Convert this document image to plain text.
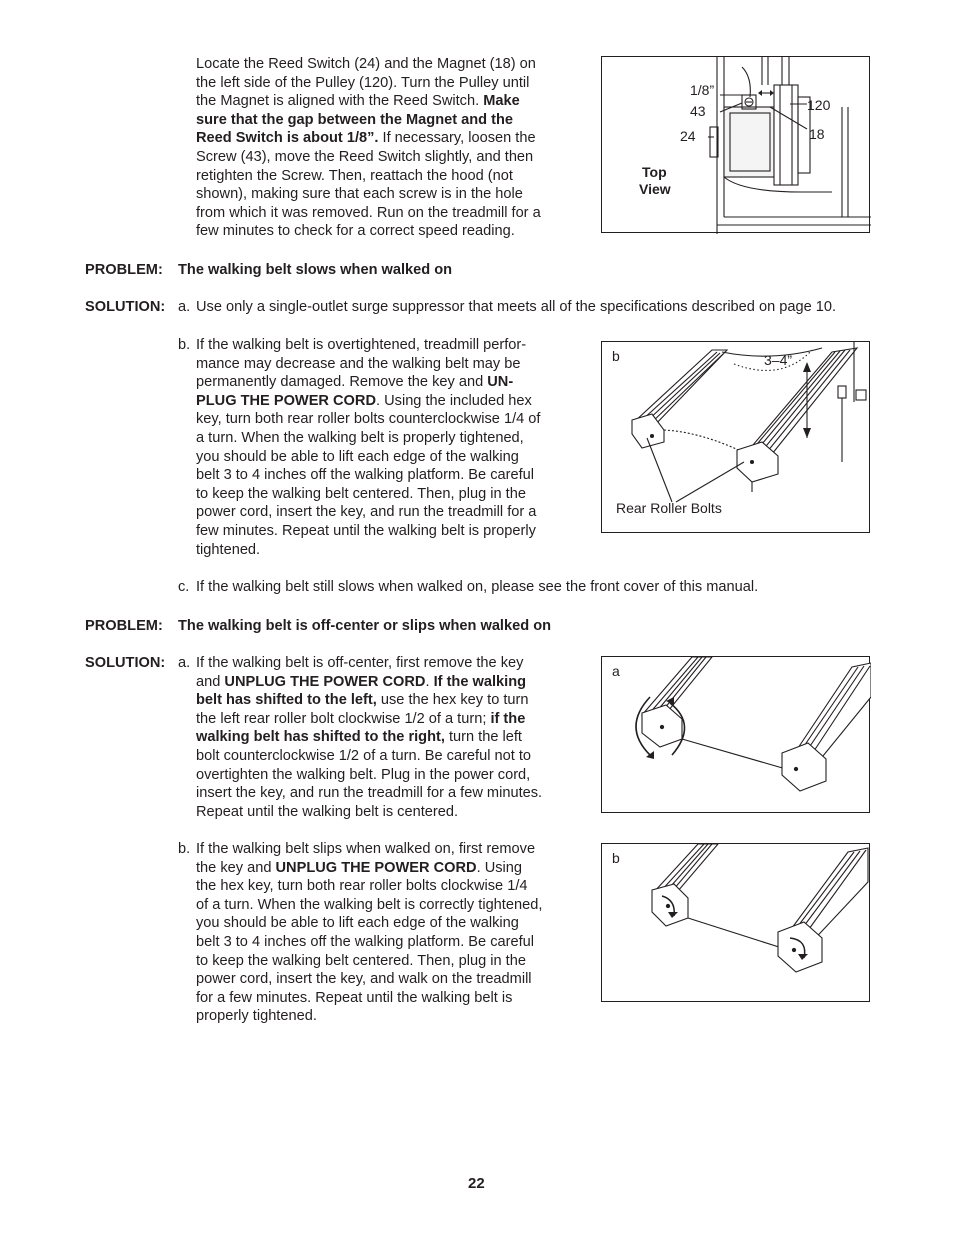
Locate the Reed Switch (24) and the Magnet (18) on
the left side of the Pulley (120). Turn the Pulley until
the Magnet is aligned with the Reed Switch. Make
sure that the gap between the Magnet and the
Reed Switch is about 1/8”. If necessary, loosen the
Screw (43), move the Reed Switch slightly, and then
retighten the Screw. Then, reattach the hood (not
shown), making sure that each screw is in the hole
from which it was removed. Run on the treadmill for a
few minutes to check for a correct speed reading.
1/8”
43
24
120
18
Top
View
PROBLEM: The walking belt slows when walked on
SOLUTION: a. Use only a single-outlet surge suppressor that meets all of the specifications described on page 10.
b. If the walking belt is overtightened, treadmill perfor-
mance may decrease and the walking belt may be
permanently damaged. Remove the key and UN-
PLUG THE POWER CORD. Using the included hex
key, turn both rear roller bolts counterclockwise 1/4 of
a turn. When the walking belt is properly tightened,
you should be able to lift each edge of the walking
belt 3 to 4 inches off the walking platform. Be careful
to keep the walking belt centered. Then, plug in the
power cord, insert the key, and run the treadmill for a
few minutes. Repeat until the walking belt is properly
tightened.
b	3–4”
Rear Roller Bolts
c. If the walking belt still slows when walked on, please see the front cover of this manual.
PROBLEM: The walking belt is off-center or slips when walked on
SOLUTION: a. If the walking belt is off-center, first remove the key
and UNPLUG THE POWER CORD. If the walking
belt has shifted to the left, use the hex key to turn
the left rear roller bolt clockwise 1/2 of a turn; if the
walking belt has shifted to the right, turn the left
bolt counterclockwise 1/2 of a turn. Be careful not to
overtighten the walking belt. Plug in the power cord,
insert the key, and run the treadmill for a few minutes.
Repeat until the walking belt is centered.
a
b. If the walking belt slips when walked on, first remove
the key and UNPLUG THE POWER CORD. Using
the hex key, turn both rear roller bolts clockwise 1/4
of a turn. When the walking belt is correctly tightened,
you should be able to lift each edge of the walking
belt 3 to 4 inches off the walking platform. Be careful
to keep the walking belt centered. Then, plug in the
power cord, insert the key, and walk on the treadmill
for a few minutes. Repeat until the walking belt is
properly tightened.
b
22
